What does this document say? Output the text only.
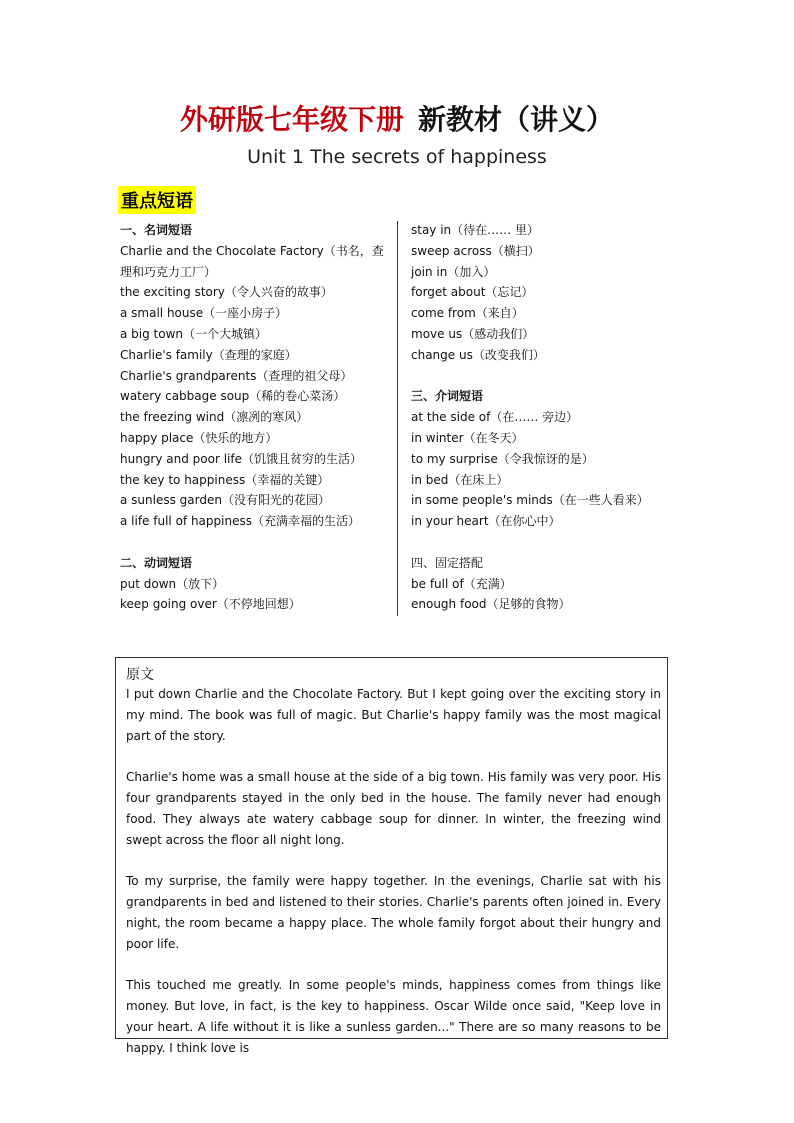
外研版七年级下册 新教材（讲义）
Unit 1 The secrets of happiness
重点短语
一、名词短语
Charlie and the Chocolate Factory（书名，查理和巧克力工厂）
the exciting story（令人兴奋的故事）
a small house（一座小房子）
a big town（一个大城镇）
Charlie's family（查理的家庭）
Charlie's grandparents（查理的祖父母）
watery cabbage soup（稀的卷心菜汤）
the freezing wind（凛冽的寒风）
happy place（快乐的地方）
hungry and poor life（饥饿且贫穷的生活）
the key to happiness（幸福的关键）
a sunless garden（没有阳光的花园）
a life full of happiness（充满幸福的生活）
二、动词短语
put down（放下）
keep going over（不停地回想）
stay in（待在…… 里）
sweep across（横扫）
join in（加入）
forget about（忘记）
come from（来自）
move us（感动我们）
change us（改变我们）
三、介词短语
at the side of（在…… 旁边）
in winter（在冬天）
to my surprise（令我惊讶的是）
in bed（在床上）
in some people's minds（在一些人看来）
in your heart（在你心中）
四、固定搭配
be full of（充满）
enough food（足够的食物）
原文

I put down Charlie and the Chocolate Factory. But I kept going over the exciting story in my mind. The book was full of magic. But Charlie's happy family was the most magical part of the story.

Charlie's home was a small house at the side of a big town. His family was very poor. His four grandparents stayed in the only bed in the house. The family never had enough food. They always ate watery cabbage soup for dinner. In winter, the freezing wind swept across the floor all night long.

To my surprise, the family were happy together. In the evenings, Charlie sat with his grandparents in bed and listened to their stories. Charlie's parents often joined in. Every night, the room became a happy place. The whole family forgot about their hungry and poor life.

This touched me greatly. In some people's minds, happiness comes from things like money. But love, in fact, is the key to happiness. Oscar Wilde once said, "Keep love in your heart. A life without it is like a sunless garden..." There are so many reasons to be happy. I think love is
